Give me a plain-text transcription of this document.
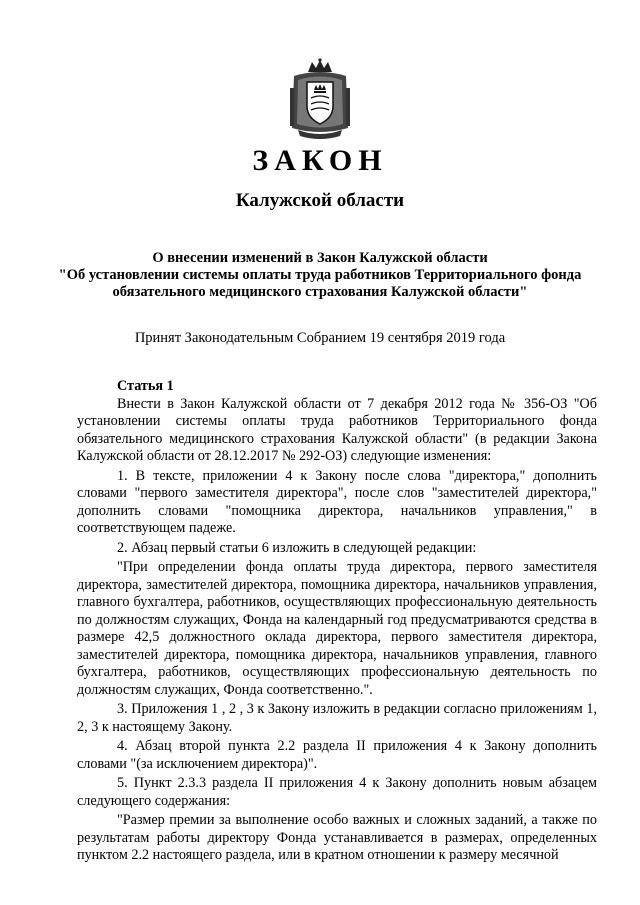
ЗАКОН
Калужской области
О внесении изменений в Закон Калужской области
"Об установлении системы оплаты труда работников Территориального фонда
обязательного медицинского страхования Калужской области"
Принят Законодательным Собранием 19 сентября 2019 года
Статья 1

Внести в Закон Калужской области от 7 декабря 2012 года № 356-ОЗ "Об установлении системы оплаты труда работников Территориального фонда обязательного медицинского страхования Калужской области" (в редакции Закона Калужской области от 28.12.2017 № 292-ОЗ) следующие изменения:

1. В тексте, приложении 4 к Закону после слова "директора," дополнить словами "первого заместителя директора", после слов "заместителей директора," дополнить словами "помощника директора, начальников управления," в соответствующем падеже.

2. Абзац первый статьи 6 изложить в следующей редакции:

"При определении фонда оплаты труда директора, первого заместителя директора, заместителей директора, помощника директора, начальников управления, главного бухгалтера, работников, осуществляющих профессиональную деятельность по должностям служащих, Фонда на календарный год предусматриваются средства в размере 42,5 должностного оклада директора, первого заместителя директора, заместителей директора, помощника директора, начальников управления, главного бухгалтера, работников, осуществляющих профессиональную деятельность по должностям служащих, Фонда соответственно.".

3. Приложения 1 , 2 , 3 к Закону изложить в редакции согласно приложениям 1, 2, 3 к настоящему Закону.

4. Абзац второй пункта 2.2 раздела II приложения 4 к Закону дополнить словами "(за исключением директора)".

5. Пункт 2.3.3 раздела II приложения 4 к Закону дополнить новым абзацем следующего содержания:

"Размер премии за выполнение особо важных и сложных заданий, а также по результатам работы директору Фонда устанавливается в размерах, определенных пунктом 2.2 настоящего раздела, или в кратном отношении к размеру месячной
